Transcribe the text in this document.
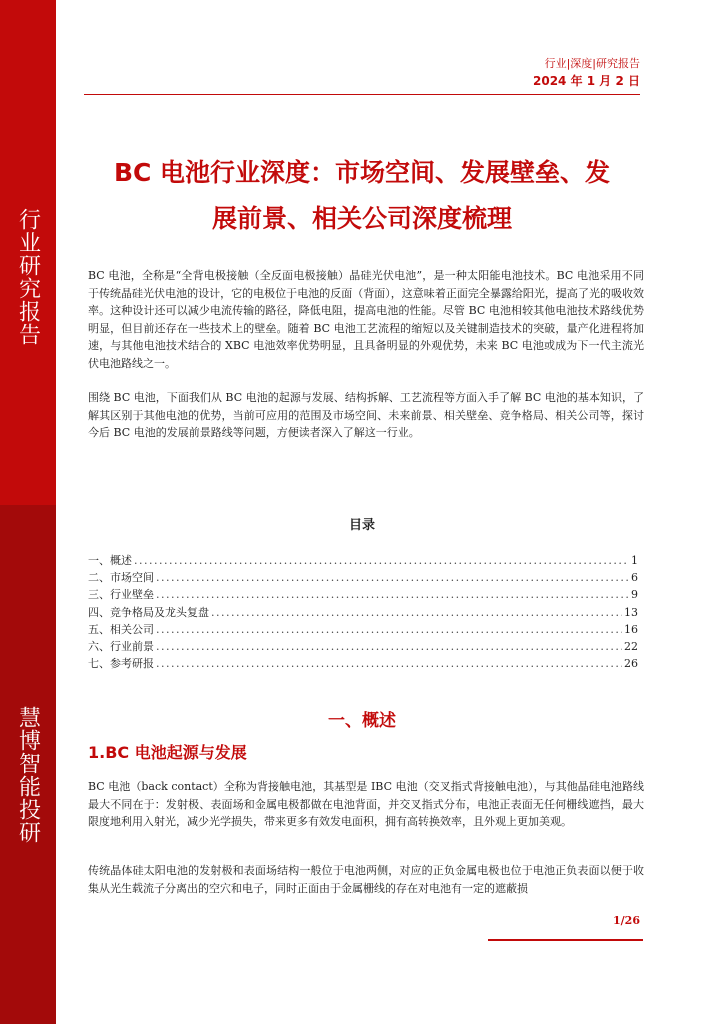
行业研究报告
慧博智能投研
行业|深度|研究报告
2024 年 1 月 2 日
BC 电池行业深度：市场空间、发展壁垒、发
展前景、相关公司深度梳理
BC 电池，全称是“全背电极接触（全反面电极接触）晶硅光伏电池”，是一种太阳能电池技术。BC 电池采用不同于传统晶硅光伏电池的设计，它的电极位于电池的反面（背面），这意味着正面完全暴露给阳光，提高了光的吸收效率。这种设计还可以减少电流传输的路径，降低电阻，提高电池的性能。尽管 BC 电池相较其他电池技术路线优势明显，但目前还存在一些技术上的壁垒。随着 BC 电池工艺流程的缩短以及关键制造技术的突破，量产化进程将加速，与其他电池技术结合的 XBC 电池效率优势明显，且具备明显的外观优势，未来 BC 电池或成为下一代主流光伏电池路线之一。
围绕 BC 电池，下面我们从 BC 电池的起源与发展、结构拆解、工艺流程等方面入手了解 BC 电池的基本知识，了解其区别于其他电池的优势，当前可应用的范围及市场空间、未来前景、相关壁垒、竞争格局、相关公司等，探讨今后 BC 电池的发展前景路线等问题，方便读者深入了解这一行业。
目录
一、概述 . . .	1
二、市场空间 . . .	6
三、行业壁垒 . . .	9
四、竞争格局及龙头复盘 . . .	13
五、相关公司 . . .	16
六、行业前景 . . .	22
七、参考研报 . . .	26
一、概述
1.BC 电池起源与发展
BC 电池（back contact）全称为背接触电池，其基型是 IBC 电池（交叉指式背接触电池），与其他晶硅电池路线最大不同在于：发射极、表面场和金属电极都做在电池背面，并交叉指式分布，电池正表面无任何栅线遮挡，最大限度地利用入射光，减少光学损失，带来更多有效发电面积，拥有高转换效率，且外观上更加美观。
传统晶体硅太阳电池的发射极和表面场结构一般位于电池两侧，对应的正负金属电极也位于电池正负表面以便于收集从光生载流子分离出的空穴和电子，同时正面由于金属栅线的存在对电池有一定的遮蔽损
1/26
